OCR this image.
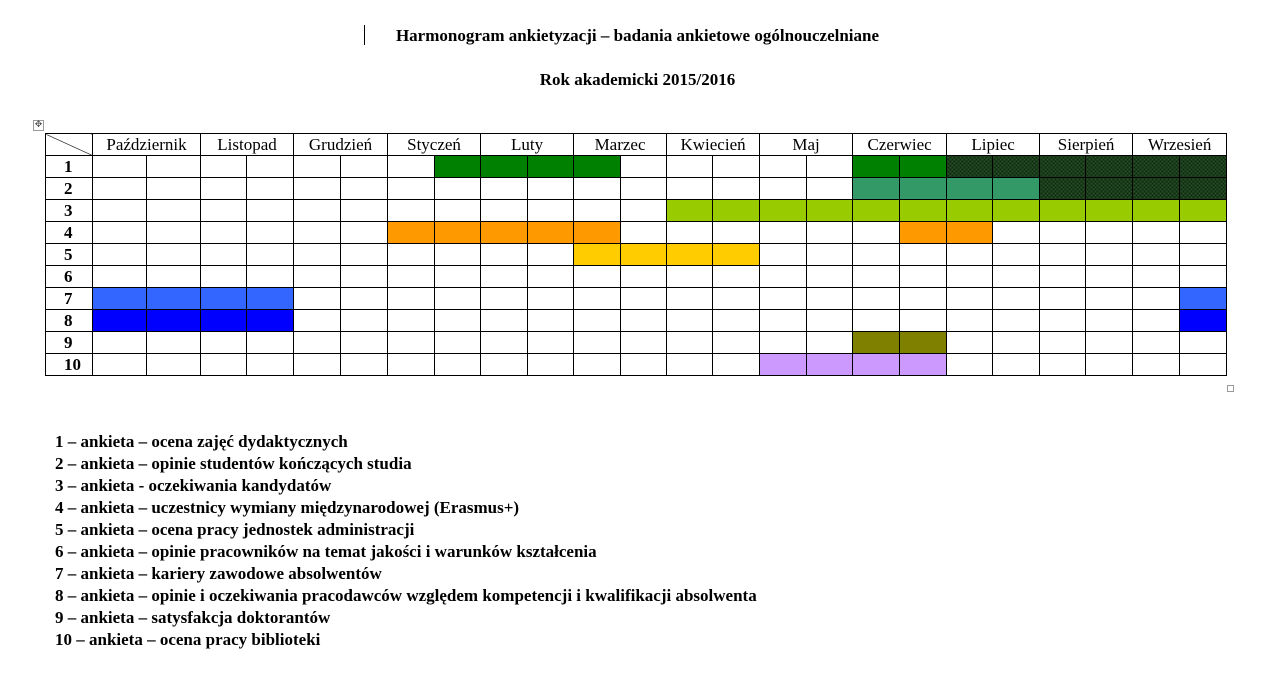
Harmonogram ankietyzacji – badania ankietowe ogólnouczelniane
Rok akademicki 2015/2016
✥
	Październik		Listopad		Grudzień		Styczeń		Luty		Marzec		Kwiecień		Maj		Czerwiec		Lipiec		Sierpień		Wrzesień	
1																								
2																								
3																								
4																								
5																								
6																								
7																								
8																								
9																								
10																								
1 – ankieta – ocena zajęć dydaktycznych
2 – ankieta – opinie studentów kończących studia
3 – ankieta - oczekiwania kandydatów
4 – ankieta – uczestnicy wymiany międzynarodowej (Erasmus+)
5 – ankieta – ocena pracy jednostek administracji
6 – ankieta – opinie pracowników na temat jakości i warunków kształcenia
7 – ankieta – kariery zawodowe absolwentów
8 – ankieta – opinie i oczekiwania pracodawców względem kompetencji i kwalifikacji absolwenta
9 – ankieta – satysfakcja doktorantów
10 – ankieta – ocena pracy biblioteki
